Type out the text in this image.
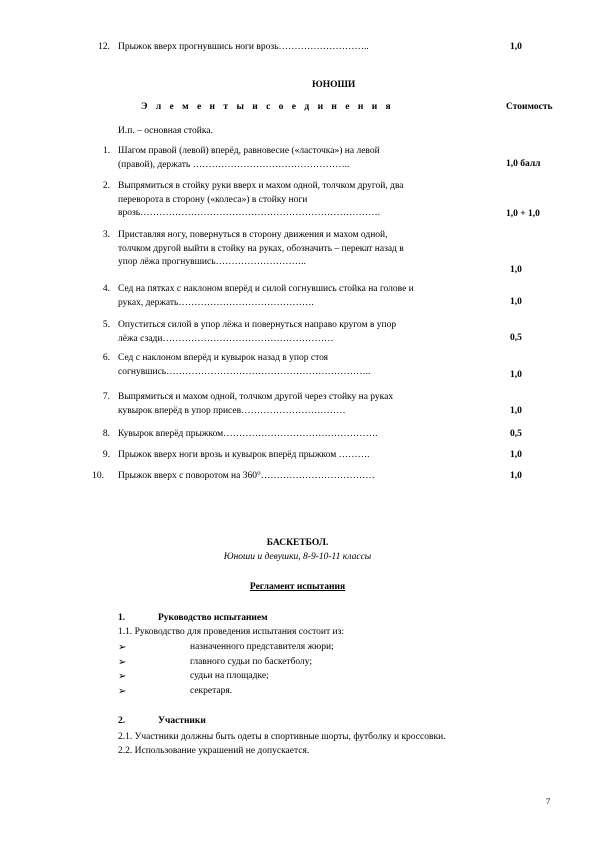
12. Прыжок вверх прогнувшись ноги врозь………………………..	1,0
ЮНОШИ
Э л е м е н т ы и с о е д и н е н и я	Стоимость
И.п. – основная стойка.
1. Шагом правой (левой) вперёд, равновесие («ласточка») на левой
(правой), держать …………………………………………..	1,0 балл
2. Выпрямиться в стойку руки вверх и махом одной, толчком другой, два
переворота в сторону («колеса») в стойку ноги
врозь………………………………………………………………….	1,0 + 1,0
3. Приставляя ногу, повернуться в сторону движения и махом одной,
толчком другой выйти в стойку на руках, обозначить – перекат назад в
упор лёжа прогнувшись………………………..
1,0
4. Сед на пятках с наклоном вперёд и силой согнувшись стойка на голове и
руках, держать…………………………………….	1,0
5. Опуститься силой в упор лёжа и повернуться направо кругом в упор
лёжа сзади………………………………………………	0,5
6. Сед с наклоном вперёд и кувырок назад в упор стоя
согнувшись………………………………………………………..	1,0
7. Выпрямиться и махом одной, толчком другой через стойку на руках
кувырок вперёд в упор присев……………………………	1,0
8. Кувырок вперёд прыжком………………………………………….	0,5
9. Прыжок вверх ноги врозь и кувырок вперёд прыжком ……….	1,0
10. Прыжок вверх с поворотом на 360°………………………………	1,0
БАСКЕТБОЛ.
Юноши и девушки, 8-9-10-11 классы
Регламент испытания
1.	Руководство испытанием
1.1. Руководство для проведения испытания состоит из:
➢	назначенного представителя жюри;
➢	главного судьи по баскетболу;
➢	судьи на площадке;
➢	секретаря.
2.	Участники
2.1. Участники должны быть одеты в спортивные шорты, футболку и кроссовки.
2.2. Использование украшений не допускается.
7
